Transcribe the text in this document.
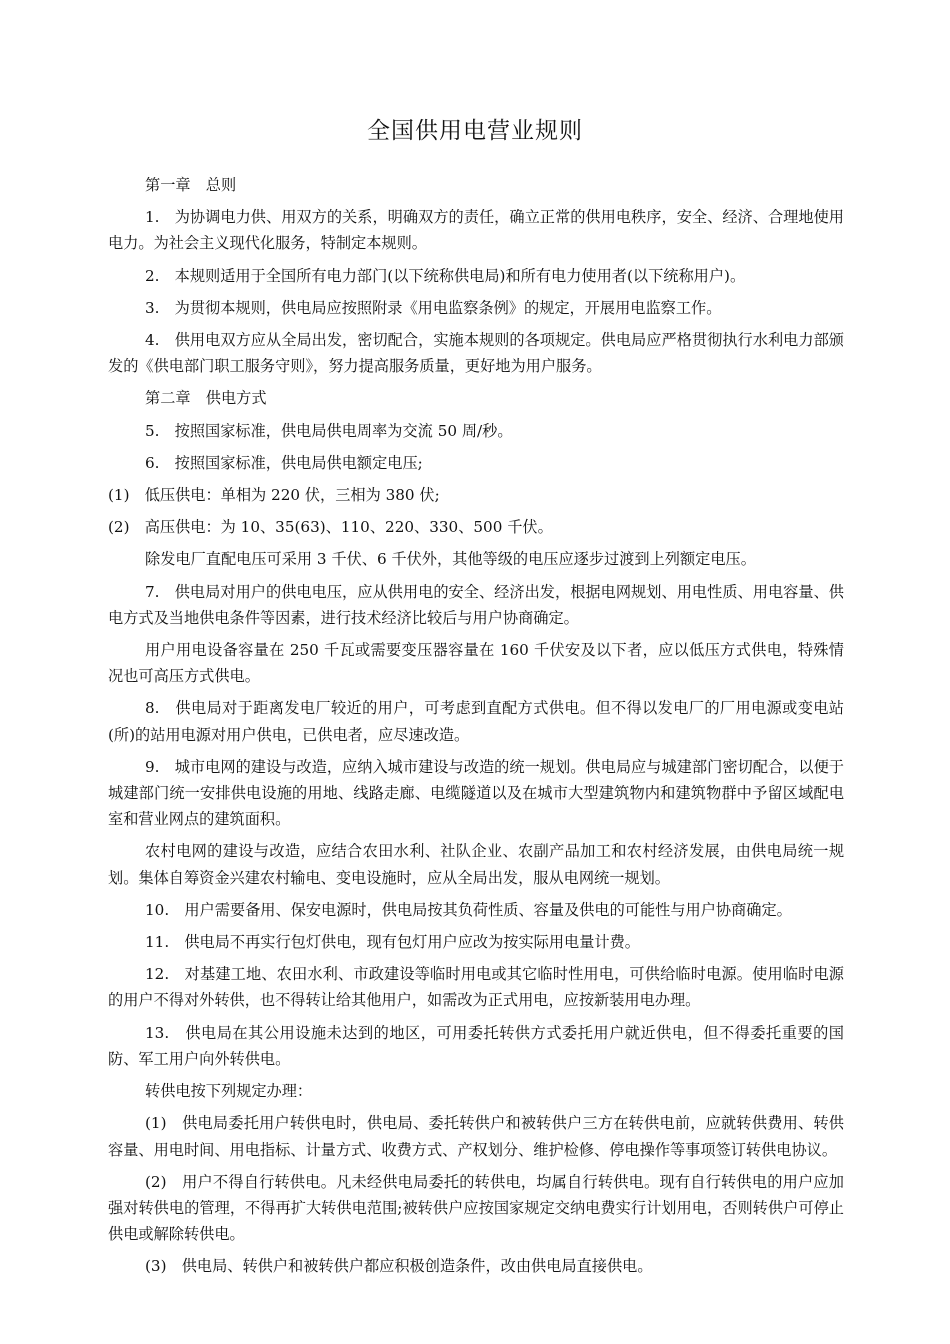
全国供用电营业规则

第一章　总则

1.　为协调电力供、用双方的关系，明确双方的责任，确立正常的供用电秩序，安全、经济、合理地使用电力。为社会主义现代化服务，特制定本规则。

2.　本规则适用于全国所有电力部门(以下统称供电局)和所有电力使用者(以下统称用户)。

3.　为贯彻本规则，供电局应按照附录《用电监察条例》的规定，开展用电监察工作。

4.　供用电双方应从全局出发，密切配合，实施本规则的各项规定。供电局应严格贯彻执行水利电力部颁发的《供电部门职工服务守则》，努力提高服务质量，更好地为用户服务。

第二章　供电方式

5.　按照国家标准，供电局供电周率为交流 50 周/秒。

6.　按照国家标准，供电局供电额定电压;

(1)　低压供电：单相为 220 伏，三相为 380 伏;

(2)　高压供电：为 10、35(63)、110、220、330、500 千伏。

除发电厂直配电压可采用 3 千伏、6 千伏外，其他等级的电压应逐步过渡到上列额定电压。

7.　供电局对用户的供电电压，应从供用电的安全、经济出发，根据电网规划、用电性质、用电容量、供电方式及当地供电条件等因素，进行技术经济比较后与用户协商确定。

用户用电设备容量在 250 千瓦或需要变压器容量在 160 千伏安及以下者，应以低压方式供电，特殊情况也可高压方式供电。

8.　供电局对于距离发电厂较近的用户，可考虑到直配方式供电。但不得以发电厂的厂用电源或变电站(所)的站用电源对用户供电，已供电者，应尽速改造。

9.　城市电网的建设与改造，应纳入城市建设与改造的统一规划。供电局应与城建部门密切配合，以便于城建部门统一安排供电设施的用地、线路走廊、电缆隧道以及在城市大型建筑物内和建筑物群中予留区域配电室和营业网点的建筑面积。

农村电网的建设与改造，应结合农田水利、社队企业、农副产品加工和农村经济发展，由供电局统一规划。集体自筹资金兴建农村输电、变电设施时，应从全局出发，服从电网统一规划。

10.　用户需要备用、保安电源时，供电局按其负荷性质、容量及供电的可能性与用户协商确定。

11.　供电局不再实行包灯供电，现有包灯用户应改为按实际用电量计费。

12.　对基建工地、农田水利、市政建设等临时用电或其它临时性用电，可供给临时电源。使用临时电源的用户不得对外转供，也不得转让给其他用户，如需改为正式用电，应按新装用电办理。

13.　供电局在其公用设施未达到的地区，可用委托转供方式委托用户就近供电，但不得委托重要的国防、军工用户向外转供电。

转供电按下列规定办理：

(1)　供电局委托用户转供电时，供电局、委托转供户和被转供户三方在转供电前，应就转供费用、转供容量、用电时间、用电指标、计量方式、收费方式、产权划分、维护检修、停电操作等事项签订转供电协议。

(2)　用户不得自行转供电。凡未经供电局委托的转供电，均属自行转供电。现有自行转供电的用户应加强对转供电的管理，不得再扩大转供电范围;被转供户应按国家规定交纳电费实行计划用电，否则转供户可停止供电或解除转供电。

(3)　供电局、转供户和被转供户都应积极创造条件，改由供电局直接供电。
